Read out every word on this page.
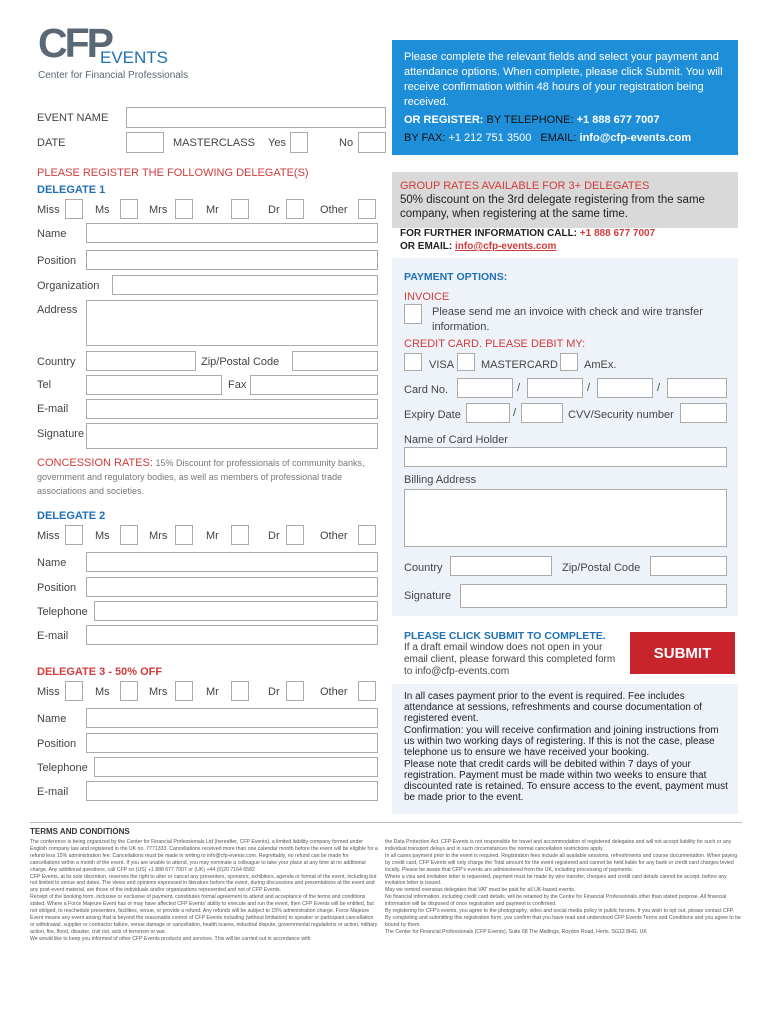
CFP
EVENTS
Center for Financial Professionals
Please complete the relevant fields and select your payment and attendance options. When complete, please click Submit. You will receive confirmation within 48 hours of your registration being received.
OR REGISTER: BY TELEPHONE: +1 888 677 7007
BY FAX: +1 212 751 3500 EMAIL: info@cfp-events.com
EVENT NAME
DATE	MASTERCLASS Yes	No
PLEASE REGISTER THE FOLLOWING DELEGATE(S)
DELEGATE 1
Miss	Ms	Mrs	Mr	Dr	Other
Name
Position
Organization
Address
Country	Zip/Postal Code
Tel	Fax
E-mail
Signature
CONCESSION RATES: 15% Discount for professionals of community banks, government and regulatory bodies, as well as members of professional trade associations and societies.
DELEGATE 2
Miss	Ms	Mrs	Mr	Dr	Other
Name
Position
Telephone
E-mail
DELEGATE 3 - 50% OFF
Miss	Ms	Mrs	Mr	Dr	Other
Name
Position
Telephone
E-mail
GROUP RATES AVAILABLE FOR 3+ DELEGATES
50% discount on the 3rd delegate registering from the same company, when registering at the same time.
FOR FURTHER INFORMATION CALL: +1 888 677 7007
OR EMAIL: info@cfp-events.com
PAYMENT OPTIONS:
INVOICE
Please send me an invoice with check and wire transfer information.
CREDIT CARD. PLEASE DEBIT MY:
VISA MASTERCARD AmEx.
Card No.	/	/	/
Expiry Date	/	CVV/Security number
Name of Card Holder
Billing Address
Country	Zip/Postal Code
Signature
PLEASE CLICK SUBMIT TO COMPLETE.
If a draft email window does not open in your email client, please forward this completed form to info@cfp-events.com
SUBMIT
In all cases payment prior to the event is required. Fee includes attendance at sessions, refreshments and course documentation of registered event.
Confirmation: you will receive confirmation and joining instructions from us within two working days of registering. If this is not the case, please telephone us to ensure we have received your booking.
Please note that credit cards will be debited within 7 days of your registration. Payment must be made within two weeks to ensure that discounted rate is retained. To ensure access to the event, payment must be made prior to the event.
TERMS AND CONDITIONS
The conference is being organized by the Center for Financial Professionals Ltd (hereafter, CFP Events), a limited liability company formed under English company law and registered in the UK no. 7771333. Cancellations received more than one calendar month before the event will be eligible for a refund less 15% administration fee. Cancellations must be made in writing to info@cfp-events.com. Regrettably, no refund can be made for cancellations within a month of the event. If you are unable to attend, you may nominate a colleague to take your place at any time at no additional charge. Any additional questions, call CFP on (US) +1 888 677 7007 or (UK) +44 (0)20 7164 6582
CFP Events, at its sole discretion, reserves the right to alter or cancel any presenters, sponsors, exhibitors, agenda or format of the event, including but not limited to venue and dates. The views and opinions expressed in literature before the event, during discussions and presentations at the event and any post-event material, are those of the individuals and/or organizations represented and not of CFP Events.
Receipt of the booking form, inclusive or exclusive of payment, constitutes formal agreement to attend and acceptance of the terms and conditions stated. Where a Force Majeure Event has or may have affected CFP Events' ability to execute and run the event, then CFP Events will be entitled, but not obliged, to reschedule presenters, facilities, venue, or provide a refund. Any refunds will be subject to 15% administration charge. Force Majeure Event means any event arising that is beyond the reasonable control of CFP Events including (without limitation) to speaker or participant cancellation or withdrawal, supplier or contractor failure, venue damage or cancellation, health scares, industrial dispute, governmental regulations or action, military action, fire, flood, disaster, civil riot, acts of terrorism or war.
We would like to keep you informed of other CFP Events products and services. This will be carried out in accordance with
the Data Protection Act. CFP Events is not responsible for travel and accommodation of registered delegates and will not accept liability for such or any individual transport delays and in such circumstances the normal cancellation restrictions apply.
In all cases payment prior to the event is required. Registration fees include all available sessions, refreshments and course documentation. When paying by credit card, CFP Events will only charge the Total amount for the event registered and cannot be held liable for any bank or credit card charges levied locally. Please be aware that CFP's events are administered from the UK, including processing of payments.
Where a visa and invitation letter is requested, payment must be made by wire transfer, cheques and credit card details cannot be accept, before any invitation letter is issued.
May we remind overseas delegates that VAT must be paid for all UK-based events.
No financial information, including credit card details, will be retained by the Centre for Financial Professionals other than stated purpose. All financial information will be disposed of once registration and payment is confirmed.
By registering for CFP's events, you agree to the photography, video and social media policy in public forums. If you wish to opt out, please contact CFP.
By completing and submitting this registration form, you confirm that you have read and understood CFP Events Terms and Conditions and you agree to be bound by them.
The Center for Financial Professionals (CFP Events), Suite 68 The Maltings, Roydon Road, Herts. SG12 8HG. UK
